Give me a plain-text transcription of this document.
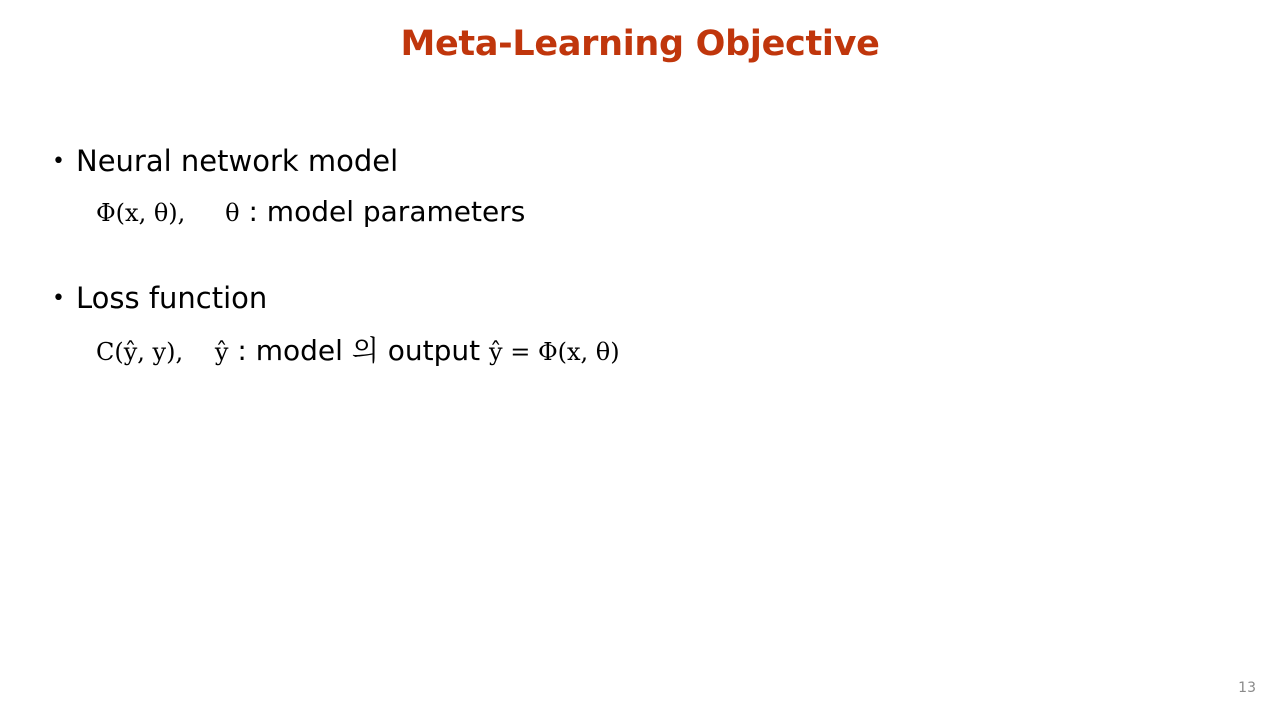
Meta-Learning Objective
• Neural network model
Φ(x, θ), θ : model parameters
• Loss function
C(ŷ, y), ŷ : model 의 output ŷ = Φ(x, θ)
13
